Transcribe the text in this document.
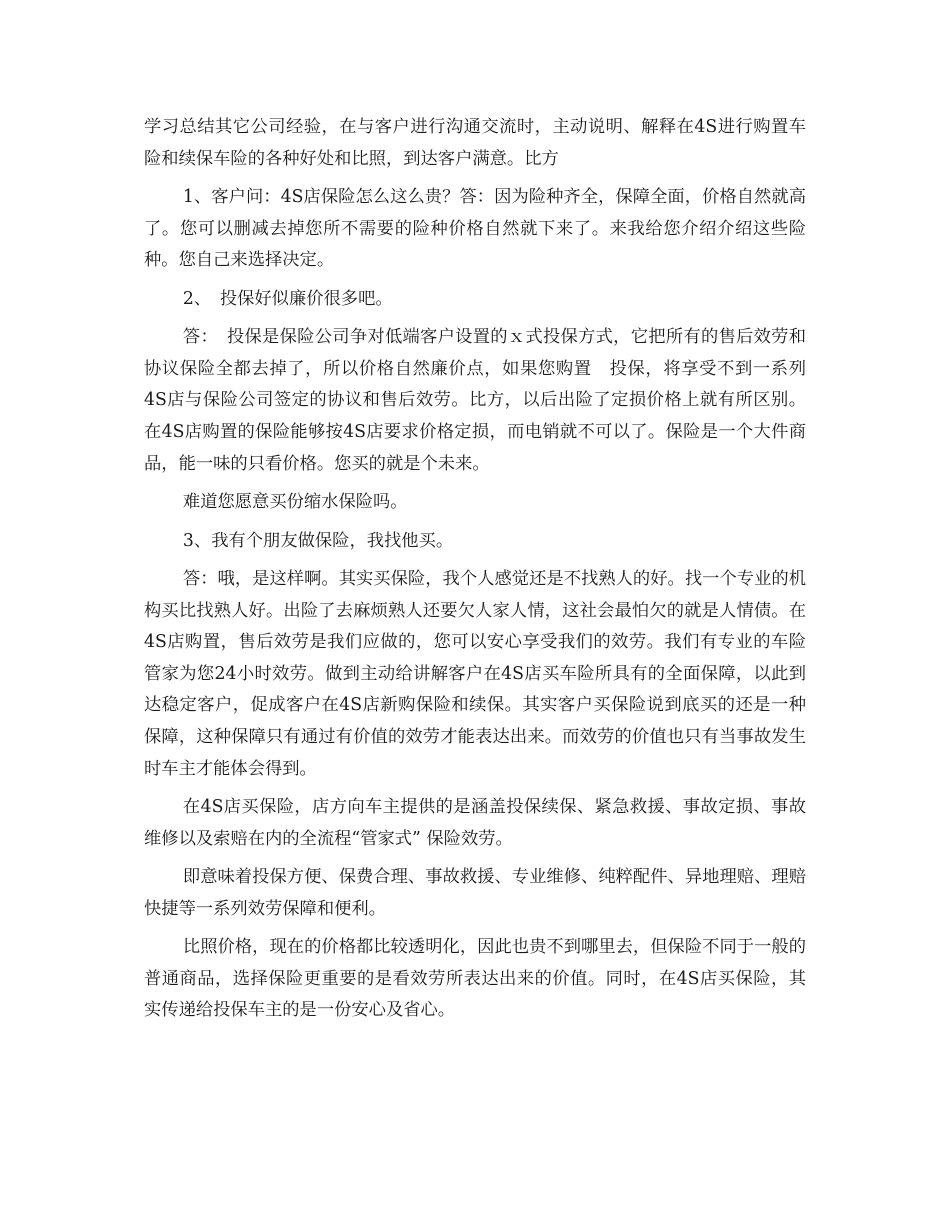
学习总结其它公司经验，在与客户进行沟通交流时，主动说明、解释在4S进行购置车险和续保车险的各种好处和比照，到达客户满意。比方

1、客户问：4S店保险怎么这么贵？答：因为险种齐全，保障全面，价格自然就高了。您可以删减去掉您所不需要的险种价格自然就下来了。来我给您介绍介绍这些险种。您自己来选择决定。

2、　投保好似廉价很多吧。

答：　投保是保险公司争对低端客户设置的ｘ式投保方式，它把所有的售后效劳和协议保险全都去掉了，所以价格自然廉价点，如果您购置　投保，将享受不到一系列4S店与保险公司签定的协议和售后效劳。比方，以后出险了定损价格上就有所区别。在4S店购置的保险能够按4S店要求价格定损，而电销就不可以了。保险是一个大件商品，能一味的只看价格。您买的就是个未来。

难道您愿意买份缩水保险吗。

3、我有个朋友做保险，我找他买。

答：哦，是这样啊。其实买保险，我个人感觉还是不找熟人的好。找一个专业的机构买比找熟人好。出险了去麻烦熟人还要欠人家人情，这社会最怕欠的就是人情债。在4S店购置，售后效劳是我们应做的，您可以安心享受我们的效劳。我们有专业的车险管家为您24小时效劳。做到主动给讲解客户在4S店买车险所具有的全面保障，以此到达稳定客户，促成客户在4S店新购保险和续保。其实客户买保险说到底买的还是一种保障，这种保障只有通过有价值的效劳才能表达出来。而效劳的价值也只有当事故发生时车主才能体会得到。

在4S店买保险，店方向车主提供的是涵盖投保续保、紧急救援、事故定损、事故维修以及索赔在内的全流程“管家式” 保险效劳。

即意味着投保方便、保费合理、事故救援、专业维修、纯粹配件、异地理赔、理赔快捷等一系列效劳保障和便利。

比照价格，现在的价格都比较透明化，因此也贵不到哪里去，但保险不同于一般的普通商品，选择保险更重要的是看效劳所表达出来的价值。同时，在4S店买保险，其实传递给投保车主的是一份安心及省心。
